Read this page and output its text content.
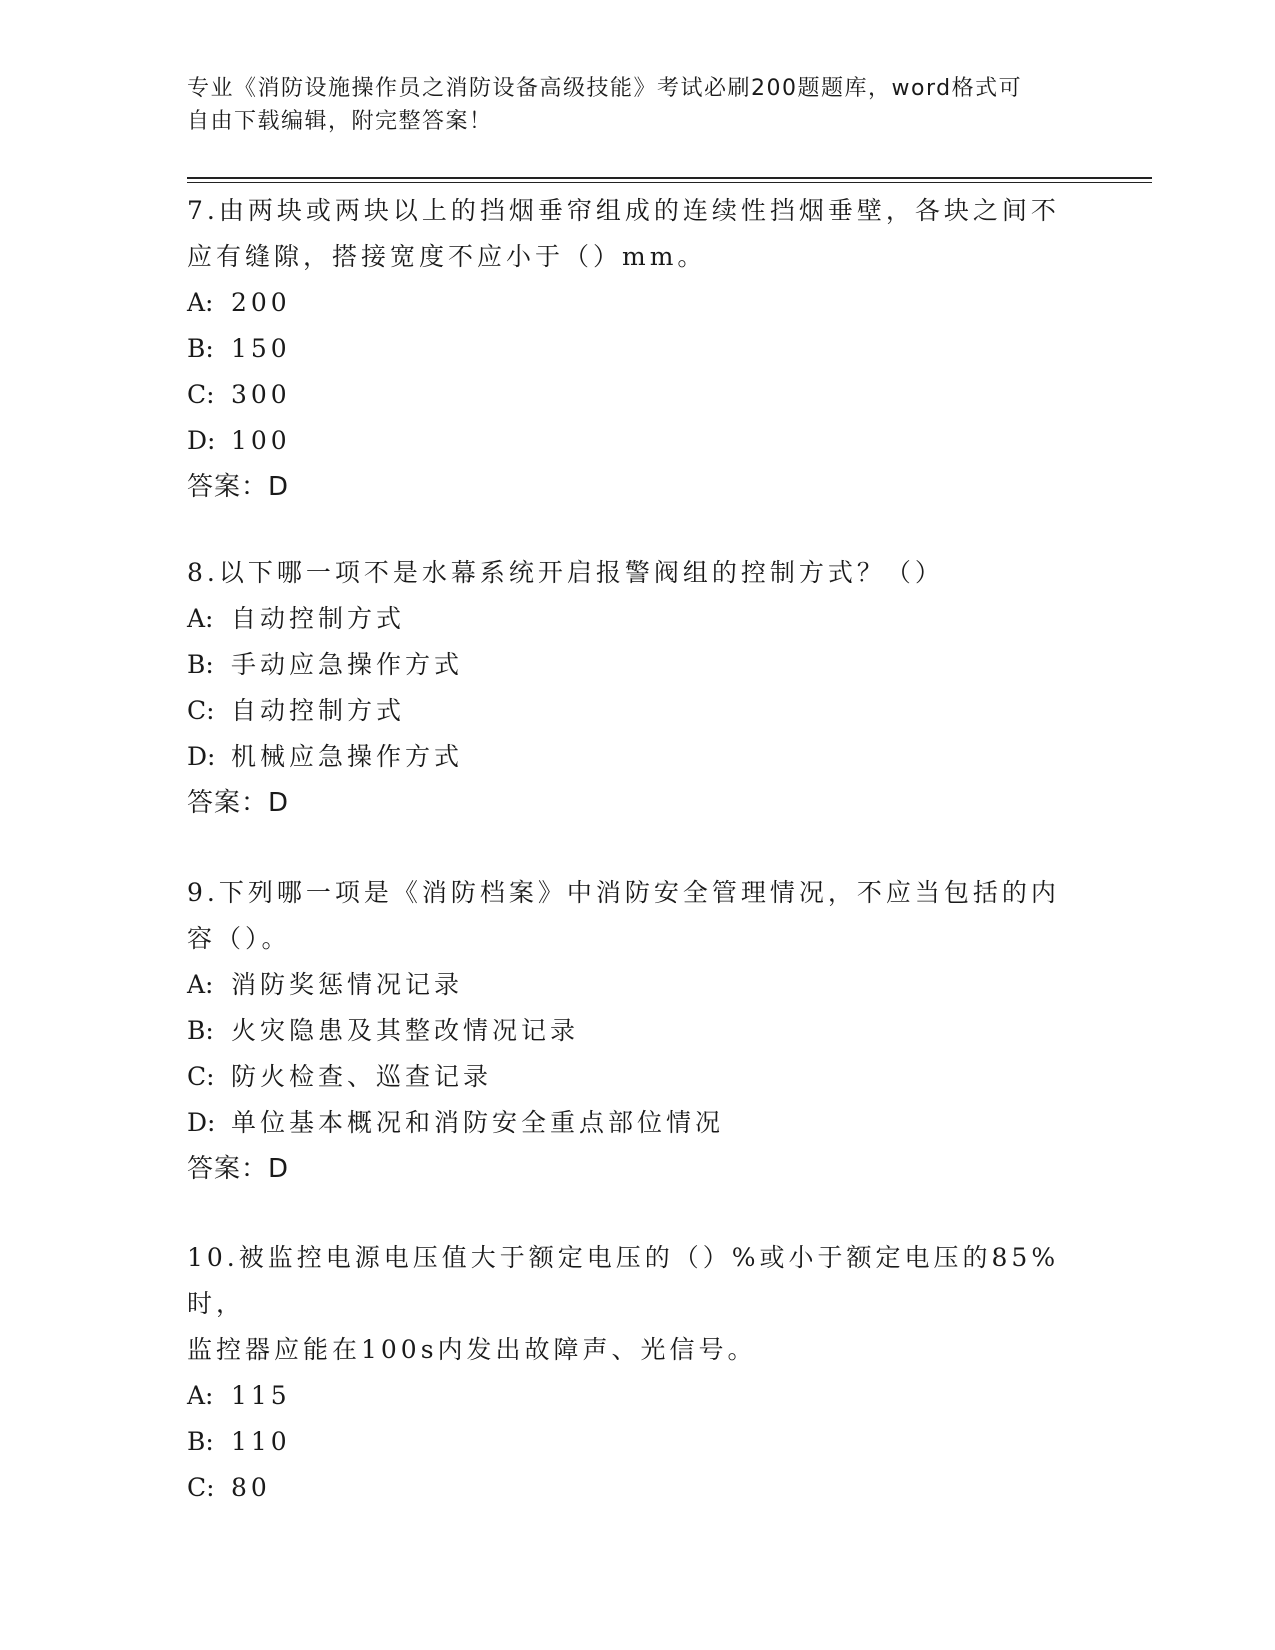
专业《消防设施操作员之消防设备高级技能》考试必刷200题题库，word格式可
自由下载编辑，附完整答案！

7.由两块或两块以上的挡烟垂帘组成的连续性挡烟垂壁，各块之间不

应有缝隙，搭接宽度不应小于（）mm。

A: 200

B: 150

C: 300

D: 100

答案：D

8.以下哪一项不是水幕系统开启报警阀组的控制方式？（）

A: 自动控制方式

B: 手动应急操作方式

C: 自动控制方式

D: 机械应急操作方式

答案：D

9.下列哪一项是《消防档案》中消防安全管理情况，不应当包括的内

容（）。

A: 消防奖惩情况记录

B: 火灾隐患及其整改情况记录

C: 防火检查、巡查记录

D: 单位基本概况和消防安全重点部位情况

答案：D

10.被监控电源电压值大于额定电压的（）%或小于额定电压的85%时，

监控器应能在100s内发出故障声、光信号。

A: 115

B: 110

C: 80
